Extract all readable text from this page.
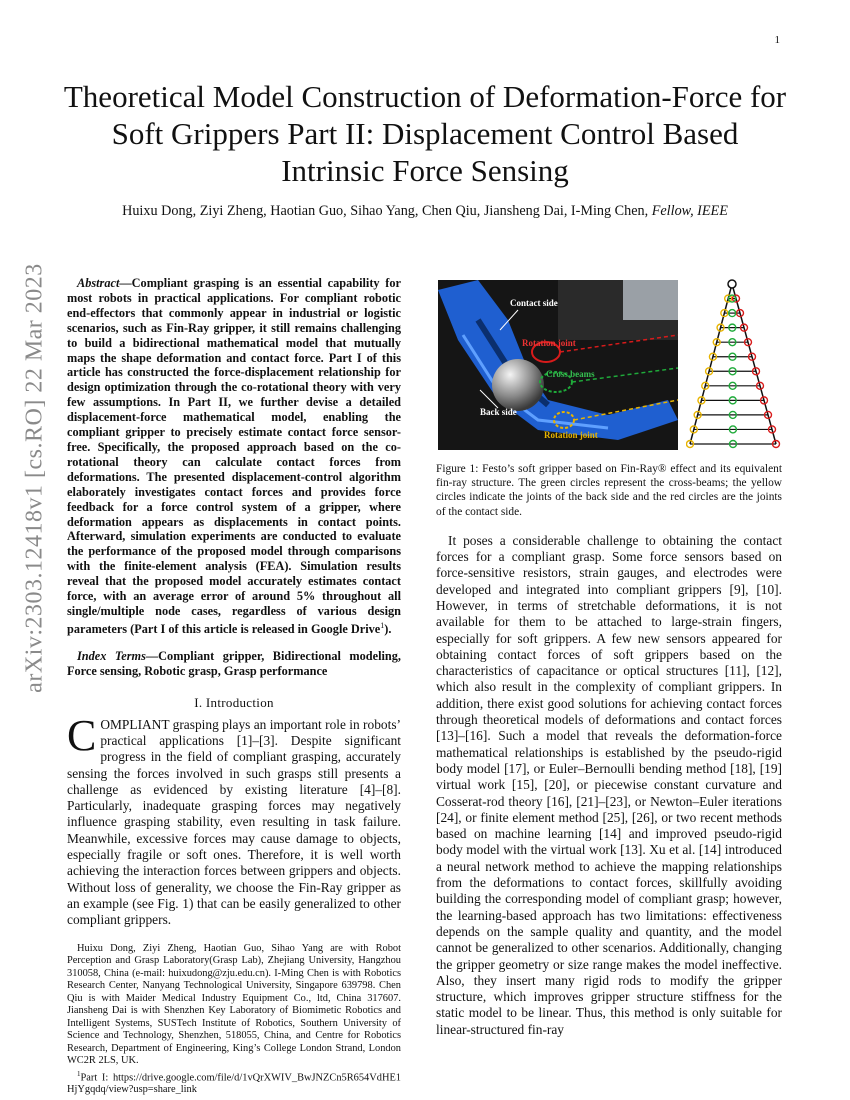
1
arXiv:2303.12418v1 [cs.RO] 22 Mar 2023
Theoretical Model Construction of Deformation-Force for Soft Grippers Part II: Displacement Control Based Intrinsic Force Sensing
Huixu Dong, Ziyi Zheng, Haotian Guo, Sihao Yang, Chen Qiu, Jiansheng Dai, I-Ming Chen, Fellow, IEEE

Abstract—Compliant grasping is an essential capability for most robots in practical applications. For compliant robotic end-effectors that commonly appear in industrial or logistic scenarios, such as Fin-Ray gripper, it still remains challenging to build a bidirectional mathematical model that mutually maps the shape deformation and contact force. Part I of this article has constructed the force-displacement relationship for design optimization through the co-rotational theory with very few assumptions. In Part II, we further devise a detailed displacement-force mathematical model, enabling the compliant gripper to precisely estimate contact force sensor-free. Specifically, the proposed approach based on the co-rotational theory can calculate contact forces from deformations. The presented displacement-control algorithm elaborately investigates contact forces and provides force feedback for a force control system of a gripper, where deformation appears as displacements in contact points. Afterward, simulation experiments are conducted to evaluate the performance of the proposed model through comparisons with the finite-element analysis (FEA). Simulation results reveal that the proposed model accurately estimates contact force, with an average error of around 5% throughout all single/multiple node cases, regardless of various design parameters (Part I of this article is released in Google Drive$^1$).

Index Terms—Compliant gripper, Bidirectional modeling, Force sensing, Robotic grasp, Grasp performance

I. Introduction

COMPLIANT grasping plays an important role in robots’ practical applications [1]–[3]. Despite significant progress in the field of compliant grasping, accurately sensing the forces involved in such grasps still presents a challenge as evidenced by existing literature [4]–[8]. Particularly, inadequate grasping forces may negatively influence grasping stability, even resulting in task failure. Meanwhile, excessive forces may cause damage to objects, especially fragile or soft ones. Therefore, it is well worth achieving the interaction forces between grippers and objects. Without loss of generality, we choose the Fin-Ray gripper as an example (see Fig. 1) that can be easily generalized to other compliant grippers.

Huixu Dong, Ziyi Zheng, Haotian Guo, Sihao Yang are with Robot Perception and Grasp Laboratory(Grasp Lab), Zhejiang University, Hangzhou 310058, China (e-mail: huixudong@zju.edu.cn). I-Ming Chen is with Robotics Research Center, Nanyang Technological University, Singapore 639798. Chen Qiu is with Maider Medical Industry Equipment Co., ltd, China 317607. Jiansheng Dai is with Shenzhen Key Laboratory of Biomimetic Robotics and Intelligent Systems, SUSTech Institute of Robotics, Southern University of Science and Technology, Shenzhen, 518055, China, and Centre for Robotics Research, Department of Engineering, King’s College London Strand, London WC2R 2LS, UK.
$^1$Part I: https://drive.google.com/file/d/1vQrXWIV_BwJNZCn5R654VdHE1HjYgqdq/view?usp=share_link
Contact side
Rotation joint
Cross beams
Back side
Rotation joint

Figure 1: Festo’s soft gripper based on Fin-Ray® effect and its equivalent fin-ray structure. The green circles represent the cross-beams; the yellow circles indicate the joints of the back side and the red circles are the joints of the contact side.

It poses a considerable challenge to obtaining the contact forces for a compliant grasp. Some force sensors based on force-sensitive resistors, strain gauges, and electrodes were developed and integrated into compliant grippers [9], [10]. However, in terms of stretchable deformations, it is not available for them to be attached to large-strain fingers, especially for soft grippers. A few new sensors appeared for obtaining contact forces of soft grippers based on the characteristics of capacitance or optical structures [11], [12], which also result in the complexity of compliant grippers. In addition, there exist good solutions for achieving contact forces through theoretical models of deformations and contact forces [13]–[16]. Such a model that reveals the deformation-force mathematical relationships is established by the pseudo-rigid body model [17], or Euler–Bernoulli bending method [18], [19] virtual work [15], [20], or piecewise constant curvature and Cosserat-rod theory [16], [21]–[23], or Newton–Euler iterations [24], or finite element method [25], [26], or two recent methods based on machine learning [14] and improved pseudo-rigid body model with the virtual work [13]. Xu et al. [14] introduced a neural network method to achieve the mapping relationships from the deformations to contact forces, skillfully avoiding building the corresponding model of compliant grasp; however, the learning-based approach has two limitations: effectiveness depends on the sample quality and quantity, and the model cannot be generalized to other scenarios. Additionally, changing the gripper geometry or size range makes the model ineffective. Also, they insert many rigid rods to modify the gripper structure, which improves gripper structure stiffness for the static model to be linear. Thus, this method is only suitable for linear-structured fin-ray
